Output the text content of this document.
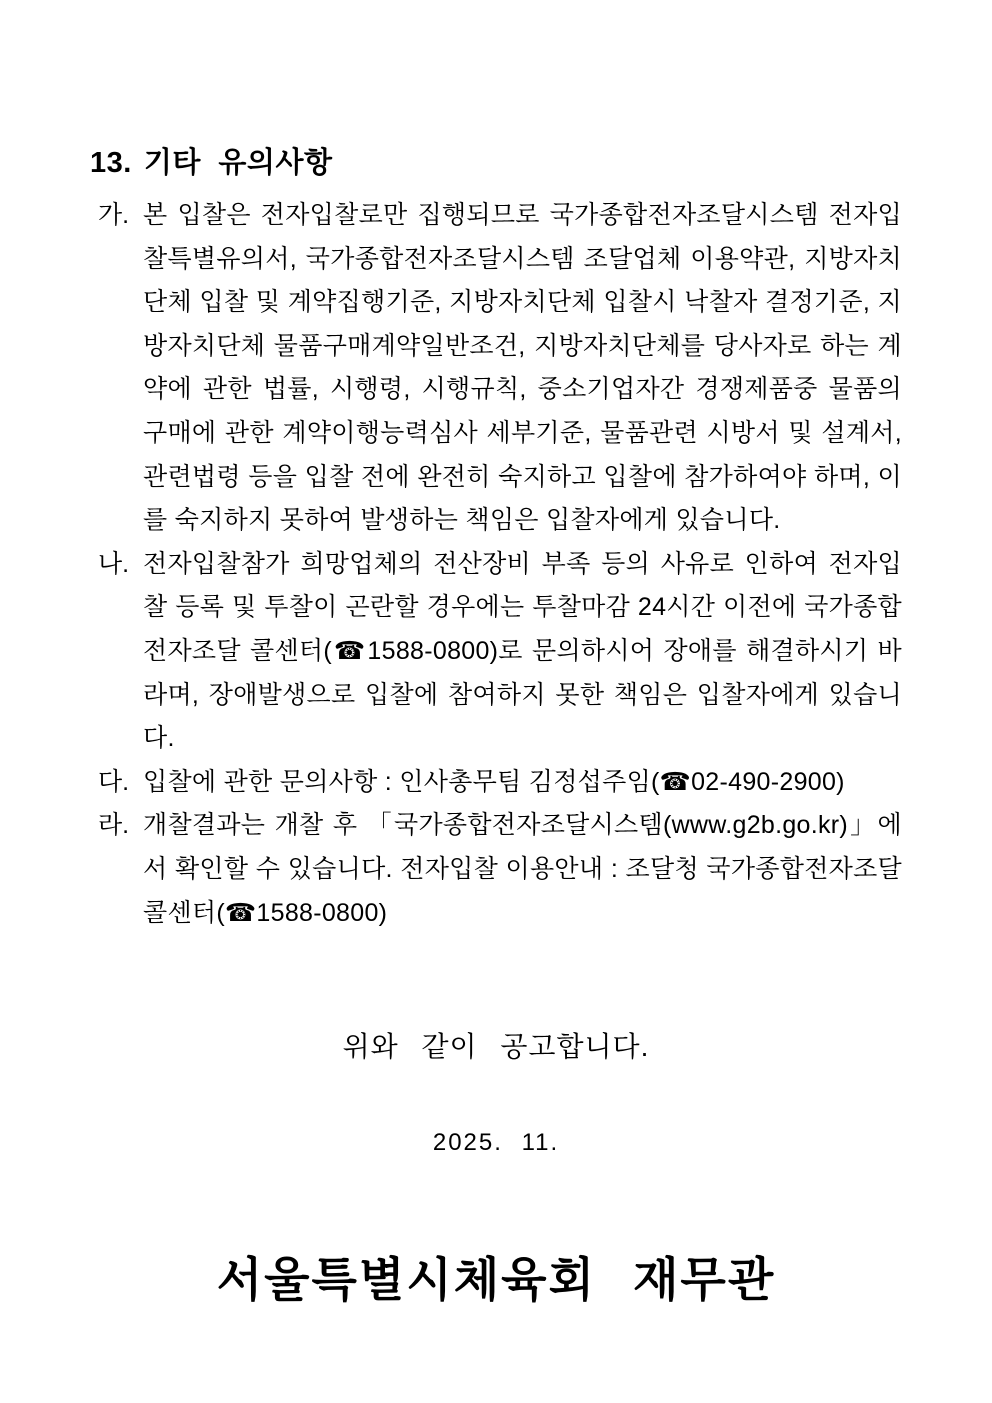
13. 기타 유의사항
가. 본 입찰은 전자입찰로만 집행되므로 국가종합전자조달시스템 전자입찰특별유의서, 국가종합전자조달시스템 조달업체 이용약관, 지방자치단체 입찰 및 계약집행기준, 지방자치단체 입찰시 낙찰자 결정기준, 지방자치단체 물품구매계약일반조건, 지방자치단체를 당사자로 하는 계약에 관한 법률, 시행령, 시행규칙, 중소기업자간 경쟁제품중 물품의 구매에 관한 계약이행능력심사 세부기준, 물품관련 시방서 및 설계서, 관련법령 등을 입찰 전에 완전히 숙지하고 입찰에 참가하여야 하며, 이를 숙지하지 못하여 발생하는 책임은 입찰자에게 있습니다.
나. 전자입찰참가 희망업체의 전산장비 부족 등의 사유로 인하여 전자입찰 등록 및 투찰이 곤란할 경우에는 투찰마감 24시간 이전에 국가종합전자조달 콜센터(☎1588-0800)로 문의하시어 장애를 해결하시기 바라며, 장애발생으로 입찰에 참여하지 못한 책임은 입찰자에게 있습니다.
다. 입찰에 관한 문의사항 : 인사총무팀 김정섭주임(☎02-490-2900)
라. 개찰결과는 개찰 후 「국가종합전자조달시스템(www.g2b.go.kr)」에서 확인할 수 있습니다. 전자입찰 이용안내 : 조달청 국가종합전자조달 콜센터(☎1588-0800)

위와 같이 공고합니다.

2025. 11.

서울특별시체육회 재무관
